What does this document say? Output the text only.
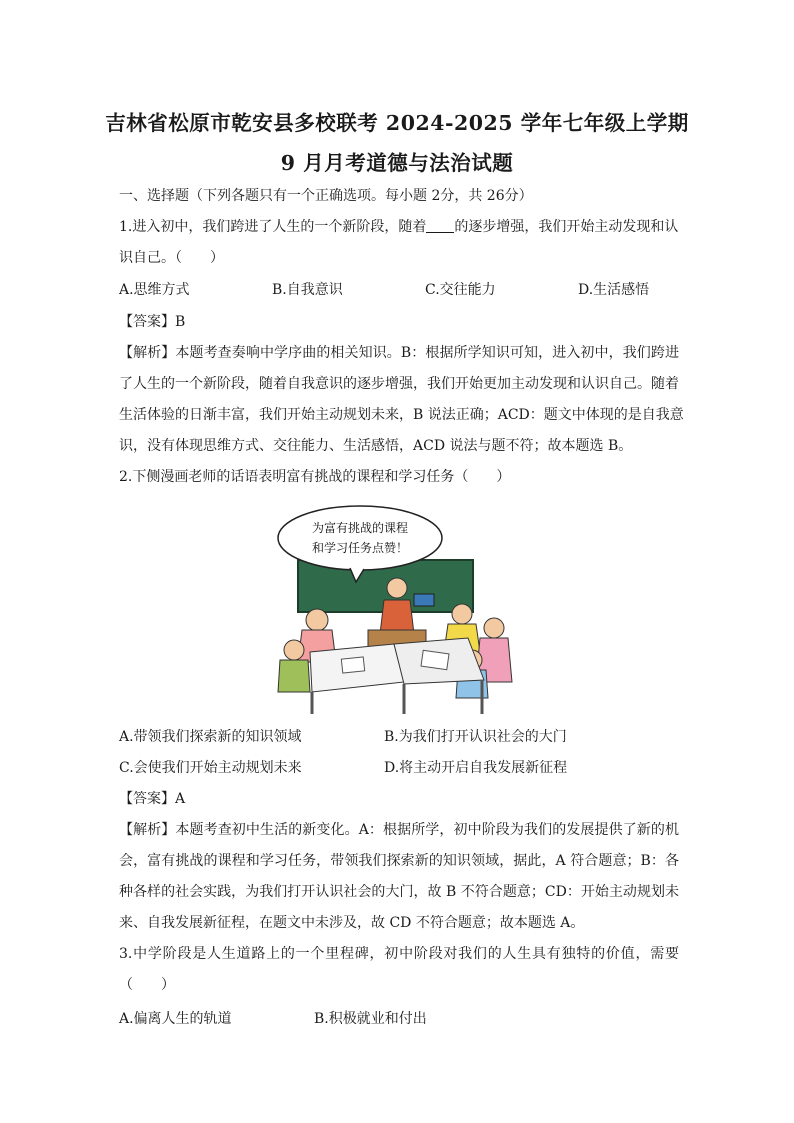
吉林省松原市乾安县多校联考 2024-2025 学年七年级上学期
9 月月考道德与法治试题
一、选择题（下列各题只有一个正确选项。每小题 2分，共 26分）
1.进入初中，我们跨进了人生的一个新阶段，随着 的逐步增强，我们开始主动发现和认
识自己。（　　）
A.思维方式	B.自我意识	C.交往能力	D.生活感悟
【答案】B
【解析】本题考查奏响中学序曲的相关知识。B：根据所学知识可知，进入初中，我们跨进
了人生的一个新阶段，随着自我意识的逐步增强，我们开始更加主动发现和认识自己。随着
生活体验的日渐丰富，我们开始主动规划未来，B 说法正确；ACD：题文中体现的是自我意
识，没有体现思维方式、交往能力、生活感悟，ACD 说法与题不符；故本题选 B。
2.下侧漫画老师的话语表明富有挑战的课程和学习任务（　　）
为富有挑战的课程
和学习任务点赞！
A.带领我们探索新的知识领域	B.为我们打开认识社会的大门
C.会使我们开始主动规划未来	D.将主动开启自我发展新征程
【答案】A
【解析】本题考查初中生活的新变化。A：根据所学，初中阶段为我们的发展提供了新的机
会，富有挑战的课程和学习任务，带领我们探索新的知识领域，据此，A 符合题意；B：各
种各样的社会实践，为我们打开认识社会的大门，故 B 不符合题意；CD：开始主动规划未
来、自我发展新征程，在题文中未涉及，故 CD 不符合题意；故本题选 A。
3.中学阶段是人生道路上的一个里程碑，初中阶段对我们的人生具有独特的价值，需要
（　　）
A.偏离人生的轨道	B.积极就业和付出
